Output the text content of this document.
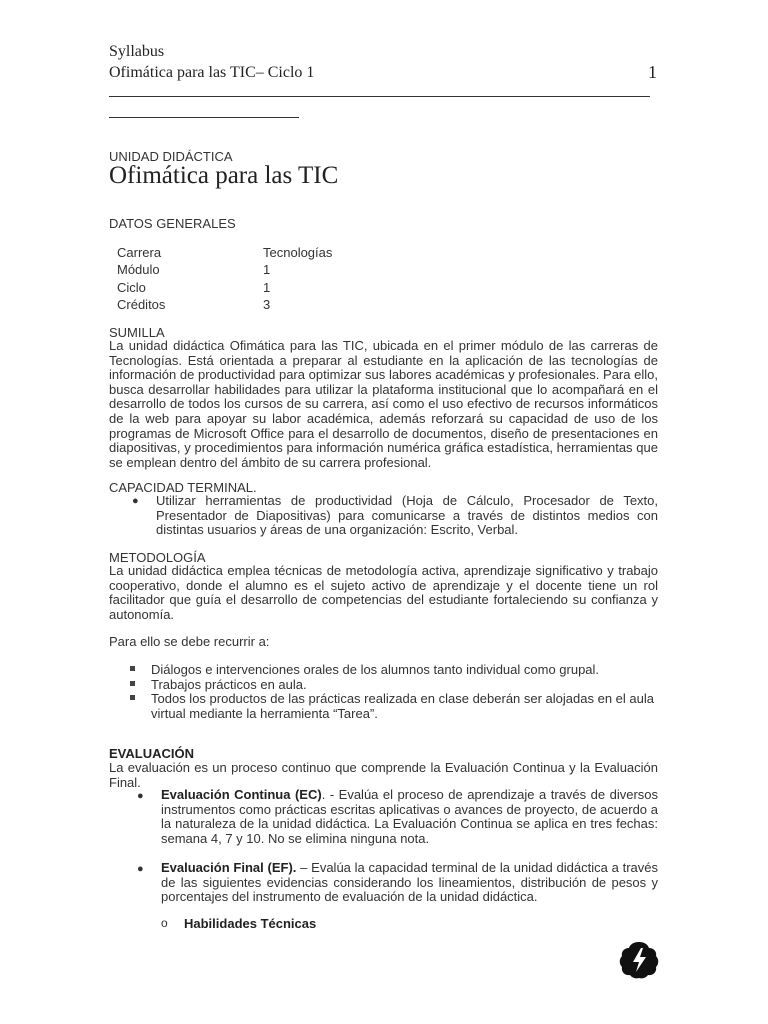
Syllabus
Ofimática para las TIC– Ciclo 1	1
UNIDAD DIDÁCTICA
Ofimática para las TIC
DATOS GENERALES
Carrera	Tecnologías
Módulo	1
Ciclo	1
Créditos	3
SUMILLA
La unidad didáctica Ofimática para las TIC, ubicada en el primer módulo de las carreras de Tecnologías. Está orientada a preparar al estudiante en la aplicación de las tecnologías de información de productividad para optimizar sus labores académicas y profesionales. Para ello, busca desarrollar habilidades para utilizar la plataforma institucional que lo acompañará en el desarrollo de todos los cursos de su carrera, así como el uso efectivo de recursos informáticos de la web para apoyar su labor académica, además reforzará su capacidad de uso de los programas de Microsoft Office para el desarrollo de documentos, diseño de presentaciones en diapositivas, y procedimientos para información numérica gráfica estadística, herramientas que se emplean dentro del ámbito de su carrera profesional.
CAPACIDAD TERMINAL.
● Utilizar herramientas de productividad (Hoja de Cálculo, Procesador de Texto, Presentador de Diapositivas) para comunicarse a través de distintos medios con distintas usuarios y áreas de una organización: Escrito, Verbal.
METODOLOGÍA
La unidad didáctica emplea técnicas de metodología activa, aprendizaje significativo y trabajo cooperativo, donde el alumno es el sujeto activo de aprendizaje y el docente tiene un rol facilitador que guía el desarrollo de competencias del estudiante fortaleciendo su confianza y autonomía.
Para ello se debe recurrir a:
Diálogos e intervenciones orales de los alumnos tanto individual como grupal.
Trabajos prácticos en aula.
Todos los productos de las prácticas realizada en clase deberán ser alojadas en el aula virtual mediante la herramienta “Tarea”.
EVALUACIÓN
La evaluación es un proceso continuo que comprende la Evaluación Continua y la Evaluación Final.
● Evaluación Continua (EC). - Evalúa el proceso de aprendizaje a través de diversos instrumentos como prácticas escritas aplicativas o avances de proyecto, de acuerdo a la naturaleza de la unidad didáctica. La Evaluación Continua se aplica en tres fechas: semana 4, 7 y 10. No se elimina ninguna nota.
● Evaluación Final (EF). – Evalúa la capacidad terminal de la unidad didáctica a través de las siguientes evidencias considerando los lineamientos, distribución de pesos y porcentajes del instrumento de evaluación de la unidad didáctica.
o Habilidades Técnicas
